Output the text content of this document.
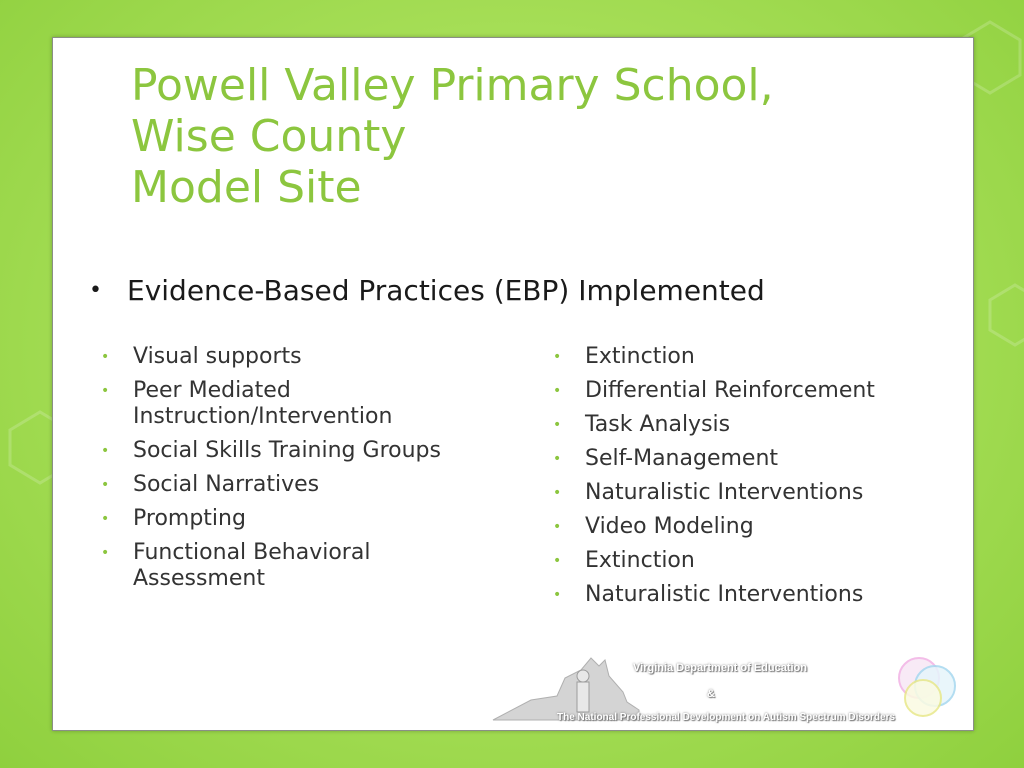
Powell Valley Primary School,
Wise County
Model Site
• Evidence-Based Practices (EBP) Implemented
•	Visual supports
•	Peer Mediated Instruction/Intervention
•	Social Skills Training Groups
•	Social Narratives
•	Prompting
•	Functional Behavioral Assessment
•	Extinction
•	Differential Reinforcement
•	Task Analysis
•	Self-Management
•	Naturalistic Interventions
•	Video Modeling
•	Extinction
•	Naturalistic Interventions
Virginia Department of Education
&
The National Professional Development on Autism Spectrum Disorders
